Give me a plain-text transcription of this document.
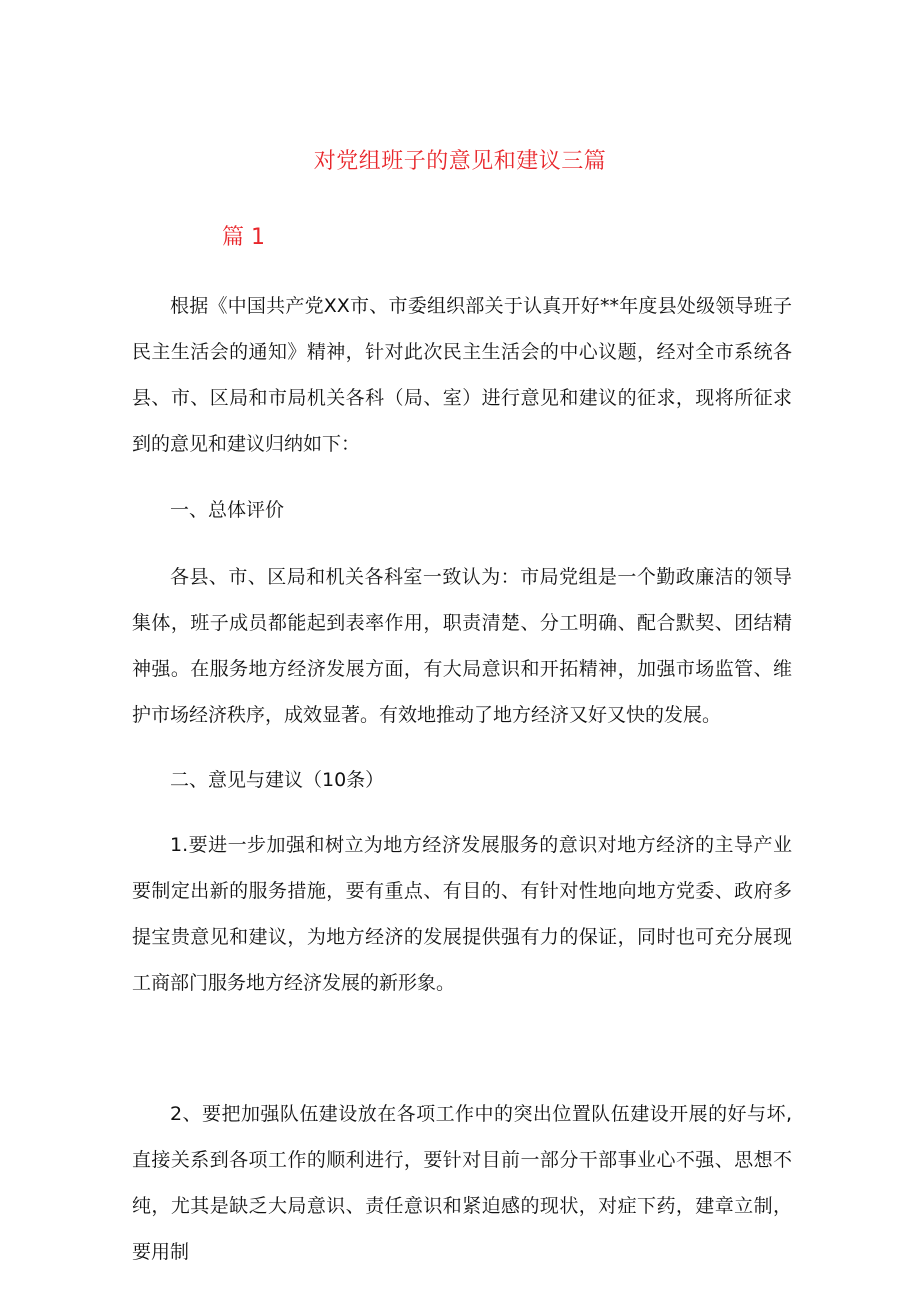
对党组班子的意见和建议三篇
篇 1

根据《中国共产党XX市、市委组织部关于认真开好**年度县处级领导班子民主生活会的通知》精神，针对此次民主生活会的中心议题，经对全市系统各县、市、区局和市局机关各科（局、室）进行意见和建议的征求，现将所征求到的意见和建议归纳如下：

一、总体评价

各县、市、区局和机关各科室一致认为：市局党组是一个勤政廉洁的领导集体，班子成员都能起到表率作用，职责清楚、分工明确、配合默契、团结精神强。在服务地方经济发展方面，有大局意识和开拓精神，加强市场监管、维护市场经济秩序，成效显著。有效地推动了地方经济又好又快的发展。

二、意见与建议（10条）

1.要进一步加强和树立为地方经济发展服务的意识对地方经济的主导产业要制定出新的服务措施，要有重点、有目的、有针对性地向地方党委、政府多提宝贵意见和建议，为地方经济的发展提供强有力的保证，同时也可充分展现工商部门服务地方经济发展的新形象。

2、要把加强队伍建设放在各项工作中的突出位置队伍建设开展的好与坏,直接关系到各项工作的顺利进行，要针对目前一部分干部事业心不强、思想不纯，尤其是缺乏大局意识、责任意识和紧迫感的现状，对症下药，建章立制，要用制
